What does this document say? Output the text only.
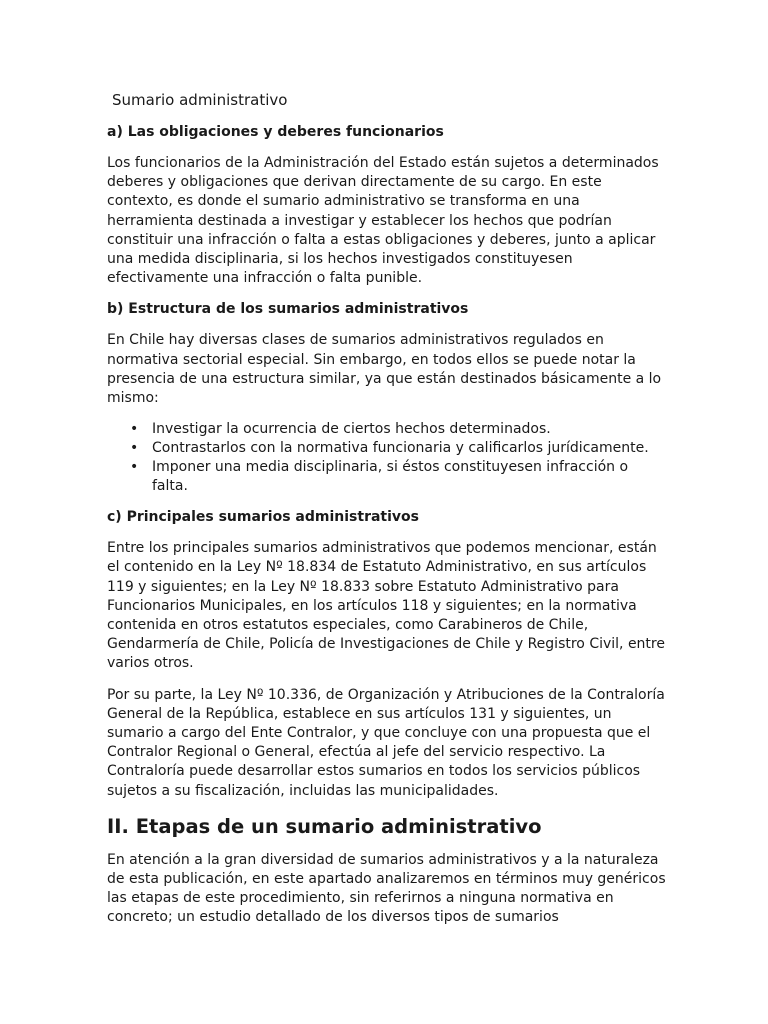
Sumario administrativo
a) Las obligaciones y deberes funcionarios

Los funcionarios de la Administración del Estado están sujetos a determinados deberes y obligaciones que derivan directamente de su cargo. En este contexto, es donde el sumario administrativo se transforma en una herramienta destinada a investigar y establecer los hechos que podrían constituir una infracción o falta a estas obligaciones y deberes, junto a aplicar una medida disciplinaria, si los hechos investigados constituyesen efectivamente una infracción o falta punible.

b) Estructura de los sumarios administrativos

En Chile hay diversas clases de sumarios administrativos regulados en normativa sectorial especial. Sin embargo, en todos ellos se puede notar la presencia de una estructura similar, ya que están destinados básicamente a lo mismo:

• Investigar la ocurrencia de ciertos hechos determinados.
• Contrastarlos con la normativa funcionaria y calificarlos jurídicamente.
• Imponer una media disciplinaria, si éstos constituyesen infracción o falta.
c) Principales sumarios administrativos

Entre los principales sumarios administrativos que podemos mencionar, están el contenido en la Ley Nº 18.834 de Estatuto Administrativo, en sus artículos 119 y siguientes; en la Ley Nº 18.833 sobre Estatuto Administrativo para Funcionarios Municipales, en los artículos 118 y siguientes; en la normativa contenida en otros estatutos especiales, como Carabineros de Chile, Gendarmería de Chile, Policía de Investigaciones de Chile y Registro Civil, entre varios otros.

Por su parte, la Ley Nº 10.336, de Organización y Atribuciones de la Contraloría General de la República, establece en sus artículos 131 y siguientes, un sumario a cargo del Ente Contralor, y que concluye con una propuesta que el Contralor Regional o General, efectúa al jefe del servicio respectivo. La Contraloría puede desarrollar estos sumarios en todos los servicios públicos sujetos a su fiscalización, incluidas las municipalidades.

II. Etapas de un sumario administrativo

En atención a la gran diversidad de sumarios administrativos y a la naturaleza de esta publicación, en este apartado analizaremos en términos muy genéricos las etapas de este procedimiento, sin referirnos a ninguna normativa en concreto; un estudio detallado de los diversos tipos de sumarios
